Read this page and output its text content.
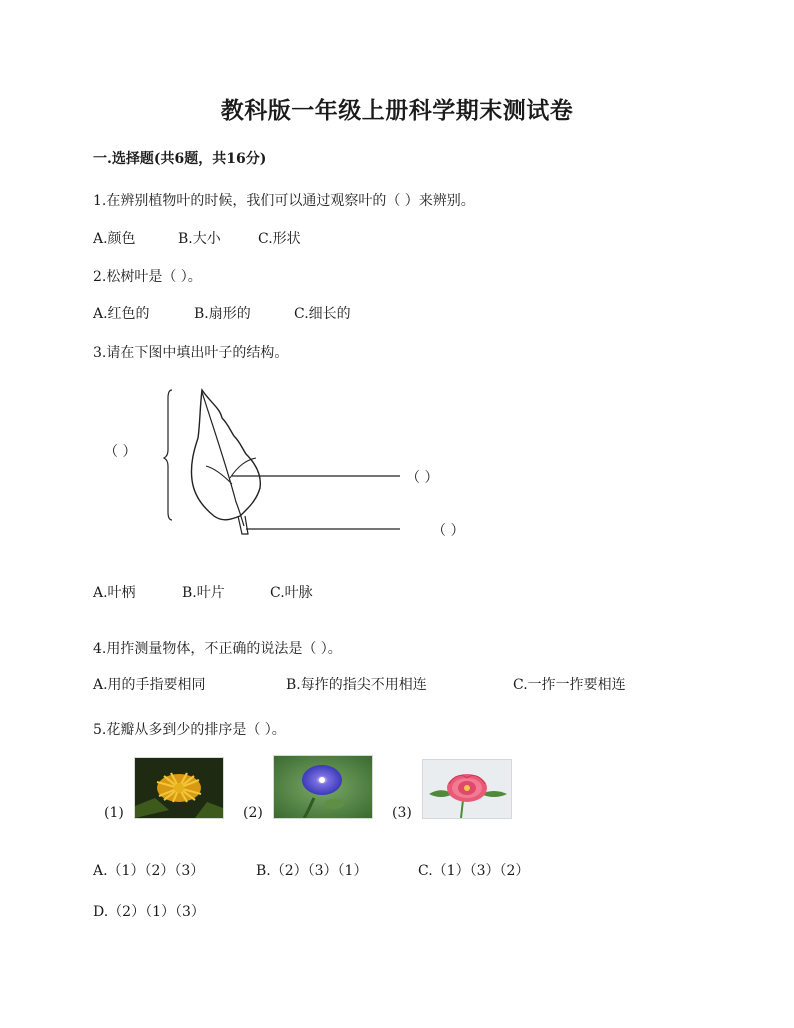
教科版一年级上册科学期末测试卷
一.选择题(共6题，共16分)
1.在辨别植物叶的时候，我们可以通过观察叶的（ ）来辨别。
A.颜色	B.大小	C.形状
2.松树叶是（ ）。
A.红色的	B.扇形的	C.细长的
3.请在下图中填出叶子的结构。
（ ）
（ ）
（ ）
A.叶柄	B.叶片	C.叶脉
4.用拃测量物体，不正确的说法是（ ）。
A.用的手指要相同	B.每拃的指尖不用相连	C.一拃一拃要相连
5.花瓣从多到少的排序是（ ）。
(1)	(2)	(3)
A.（1）（2）（3）	B.（2）（3）（1）	C.（1）（3）（2）
D.（2）（1）（3）
